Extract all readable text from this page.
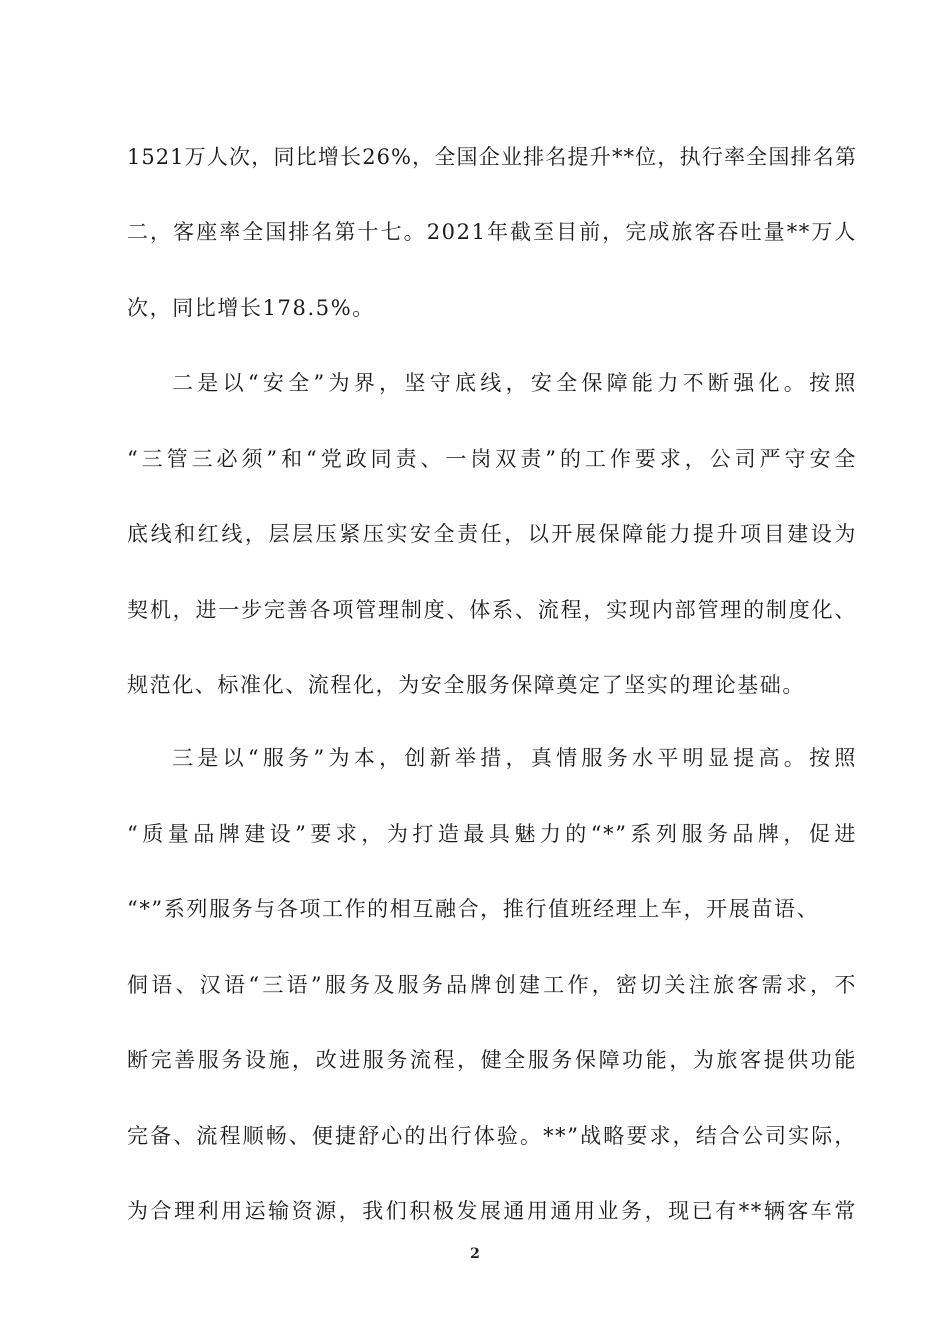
1521万人次，同比增长26%，全国企业排名提升**位，执行率全国排名第
二，客座率全国排名第十七。2021年截至目前，完成旅客吞吐量**万人
次，同比增长178.5%。
二是以“安全”为界，坚守底线，安全保障能力不断强化。按照
“三管三必须”和“党政同责、一岗双责”的工作要求，公司严守安全
底线和红线，层层压紧压实安全责任，以开展保障能力提升项目建设为
契机，进一步完善各项管理制度、体系、流程，实现内部管理的制度化、
规范化、标准化、流程化，为安全服务保障奠定了坚实的理论基础。
三是以“服务”为本，创新举措，真情服务水平明显提高。按照
“质量品牌建设”要求，为打造最具魅力的“*”系列服务品牌，促进
“*”系列服务与各项工作的相互融合，推行值班经理上车，开展苗语、
侗语、汉语“三语”服务及服务品牌创建工作，密切关注旅客需求，不
断完善服务设施，改进服务流程，健全服务保障功能，为旅客提供功能
完备、流程顺畅、便捷舒心的出行体验。**”战略要求，结合公司实际，
为合理利用运输资源，我们积极发展通用通用业务，现已有**辆客车常
2
